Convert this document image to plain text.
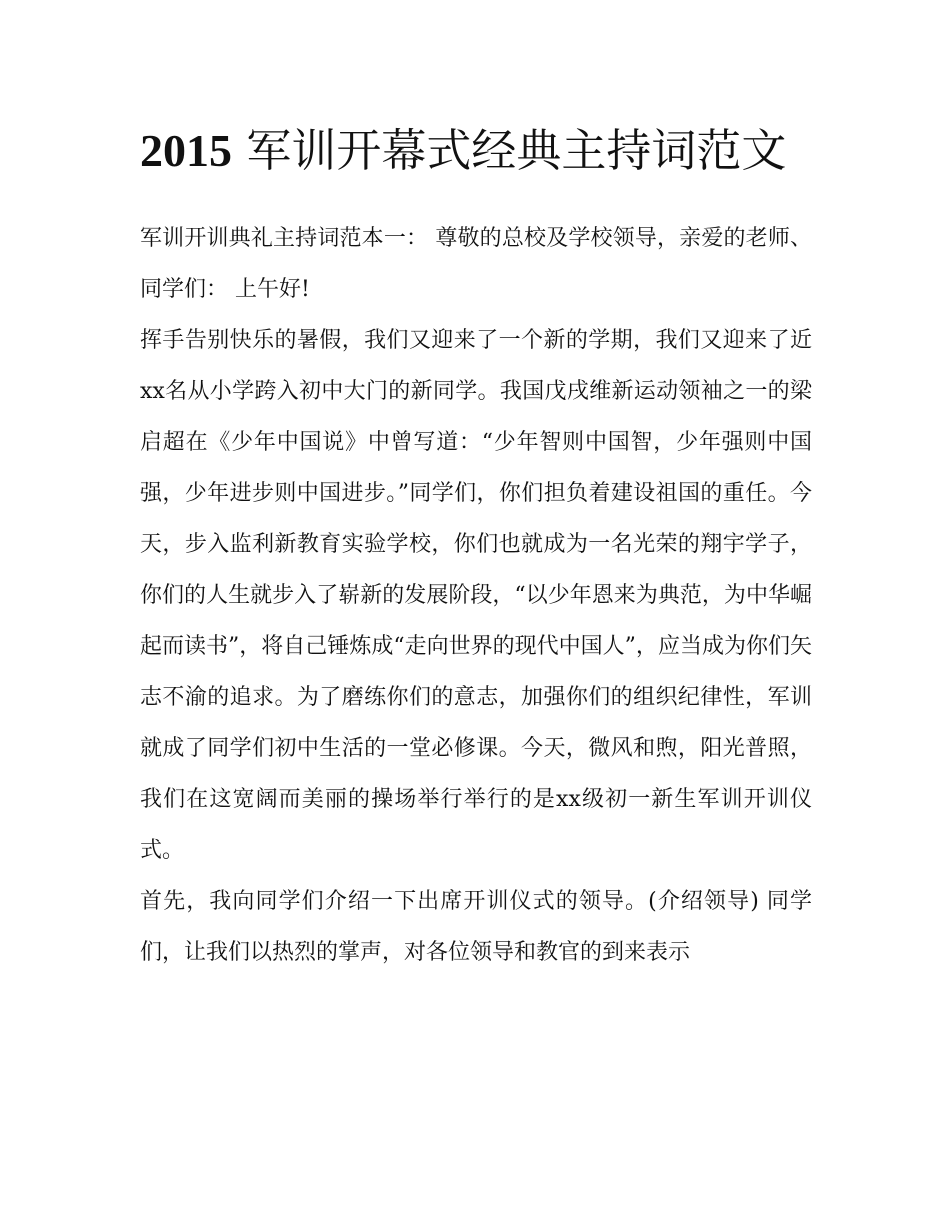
2015 军训开幕式经典主持词范文

军训开训典礼主持词范本一： 尊敬的总校及学校领导，亲爱的老师、同学们： 上午好!

挥手告别快乐的暑假，我们又迎来了一个新的学期，我们又迎来了近xx名从小学跨入初中大门的新同学。我国戊戌维新运动领袖之一的梁启超在《少年中国说》中曾写道：“少年智则中国智，少年强则中国强，少年进步则中国进步。”同学们，你们担负着建设祖国的重任。今天，步入监利新教育实验学校，你们也就成为一名光荣的翔宇学子，你们的人生就步入了崭新的发展阶段，“以少年恩来为典范，为中华崛起而读书”，将自己锤炼成“走向世界的现代中国人”，应当成为你们矢志不渝的追求。为了磨练你们的意志，加强你们的组织纪律性，军训就成了同学们初中生活的一堂必修课。今天，微风和煦，阳光普照，我们在这宽阔而美丽的操场举行举行的是xx级初一新生军训开训仪式。

首先，我向同学们介绍一下出席开训仪式的领导。(介绍领导) 同学们，让我们以热烈的掌声，对各位领导和教官的到来表示
